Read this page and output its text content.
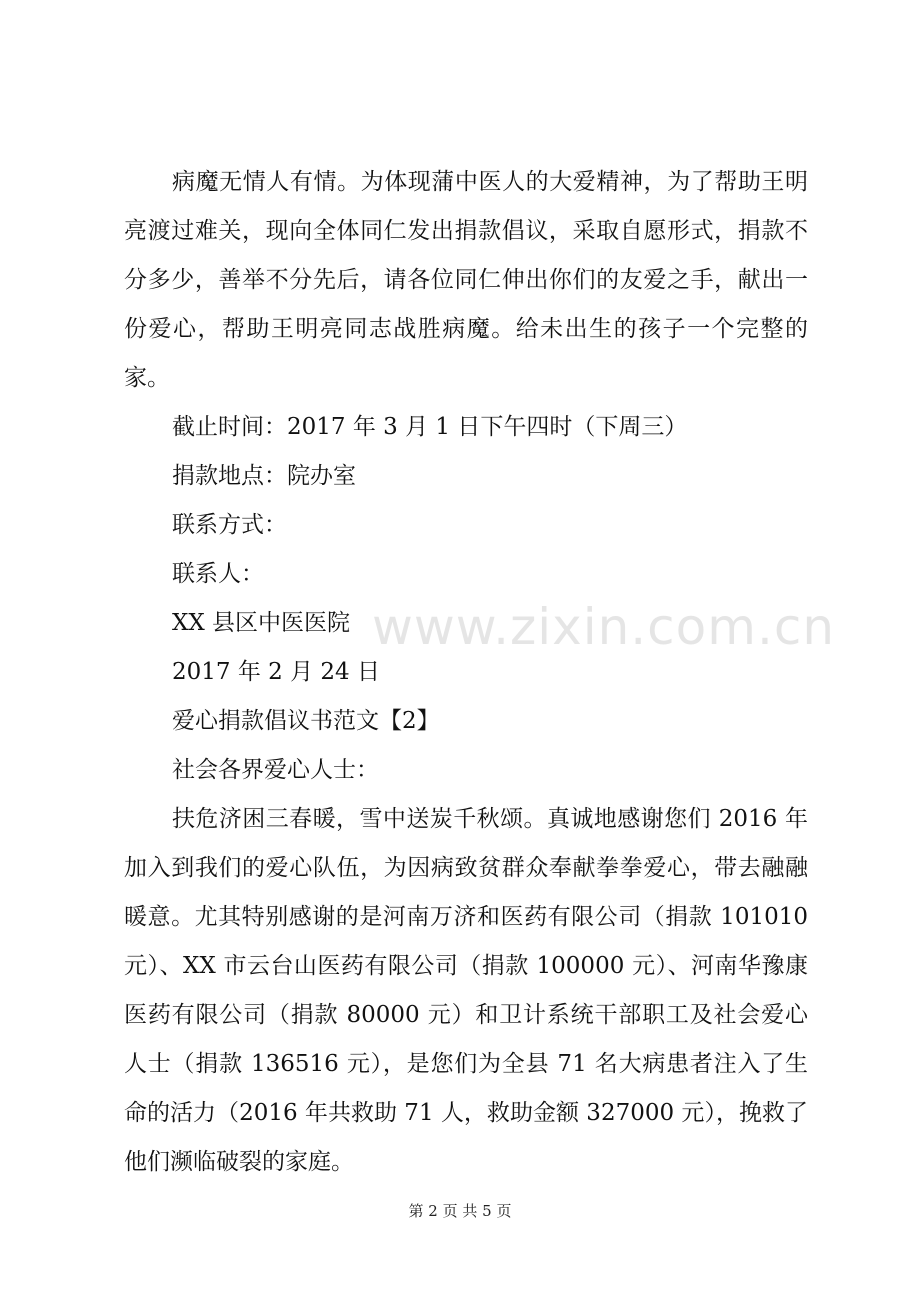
病魔无情人有情。为体现蒲中医人的大爱精神，为了帮助王明亮渡过难关，现向全体同仁发出捐款倡议，采取自愿形式，捐款不分多少，善举不分先后，请各位同仁伸出你们的友爱之手，献出一份爱心，帮助王明亮同志战胜病魔。给未出生的孩子一个完整的家。

截止时间：2017 年 3 月 1 日下午四时（下周三）

捐款地点：院办室

联系方式：

联系人：

XX 县区中医医院

2017 年 2 月 24 日

爱心捐款倡议书范文【2】

社会各界爱心人士：

扶危济困三春暖，雪中送炭千秋颂。真诚地感谢您们 2016 年加入到我们的爱心队伍，为因病致贫群众奉献拳拳爱心，带去融融暖意。尤其特别感谢的是河南万济和医药有限公司（捐款 101010 元）、XX 市云台山医药有限公司（捐款 100000 元）、河南华豫康医药有限公司（捐款 80000 元）和卫计系统干部职工及社会爱心人士（捐款 136516 元），是您们为全县 71 名大病患者注入了生命的活力（2016 年共救助 71 人，救助金额 327000 元），挽救了他们濒临破裂的家庭。

www.zixin.com.cn
第 2 页 共 5 页
